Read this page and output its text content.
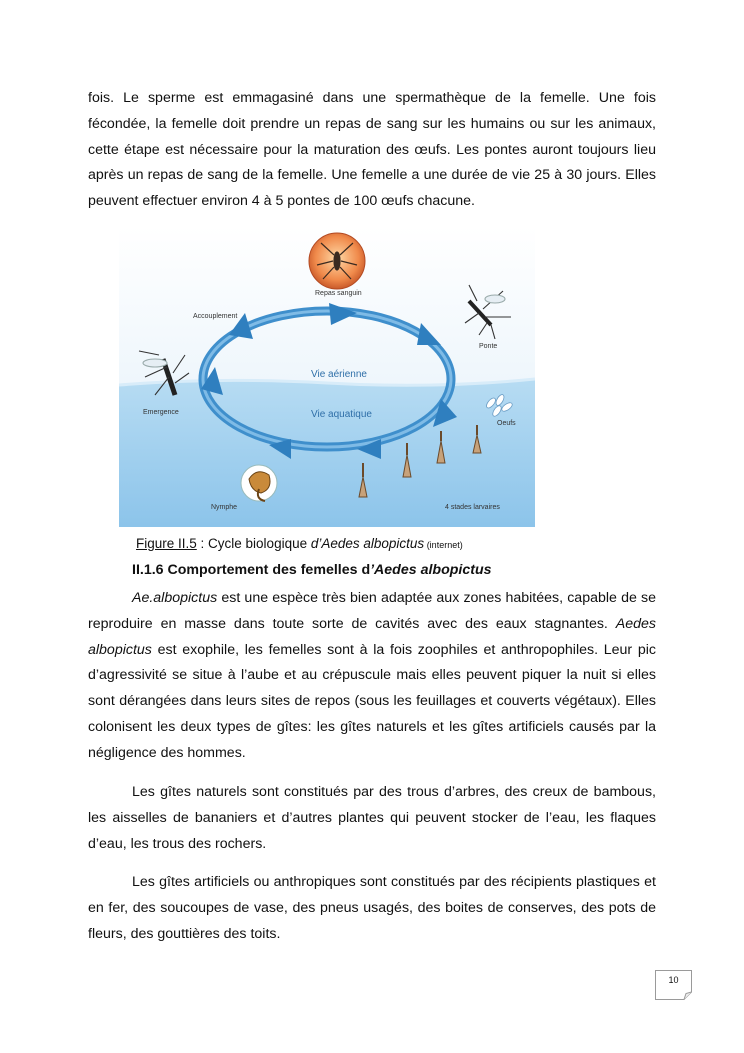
fois. Le sperme est emmagasiné dans une spermathèque de la femelle. Une fois fécondée, la femelle doit prendre un repas de sang sur les humains ou sur les animaux, cette étape est nécessaire pour la maturation des œufs. Les pontes auront toujours lieu après un repas de sang de la femelle. Une femelle a une durée de vie 25 à 30 jours. Elles peuvent effectuer environ 4 à 5 pontes de 100 œufs chacune.

Repas sanguin
Accouplement
Ponte
Emergence
Oeufs
Nymphe	4 stades larvaires
Vie aérienne
Vie aquatique
Figure II.5 : Cycle biologique d’Aedes albopictus (internet)
II.1.6 Comportement des femelles d’Aedes albopictus

Ae.albopictus est une espèce très bien adaptée aux zones habitées, capable de se reproduire en masse dans toute sorte de cavités avec des eaux stagnantes. Aedes albopictus est exophile, les femelles sont à la fois zoophiles et anthropophiles. Leur pic d’agressivité se situe à l’aube et au crépuscule mais elles peuvent piquer la nuit si elles sont dérangées dans leurs sites de repos (sous les feuillages et couverts végétaux). Elles colonisent les deux types de gîtes: les gîtes naturels et les gîtes artificiels causés par la négligence des hommes.

Les gîtes naturels sont constitués par des trous d’arbres, des creux de bambous, les aisselles de bananiers et d’autres plantes qui peuvent stocker de l’eau, les flaques d’eau, les trous des rochers.

Les gîtes artificiels ou anthropiques sont constitués par des récipients plastiques et en fer, des soucoupes de vase, des pneus usagés, des boites de conserves, des pots de fleurs, des gouttières des toits.

10
